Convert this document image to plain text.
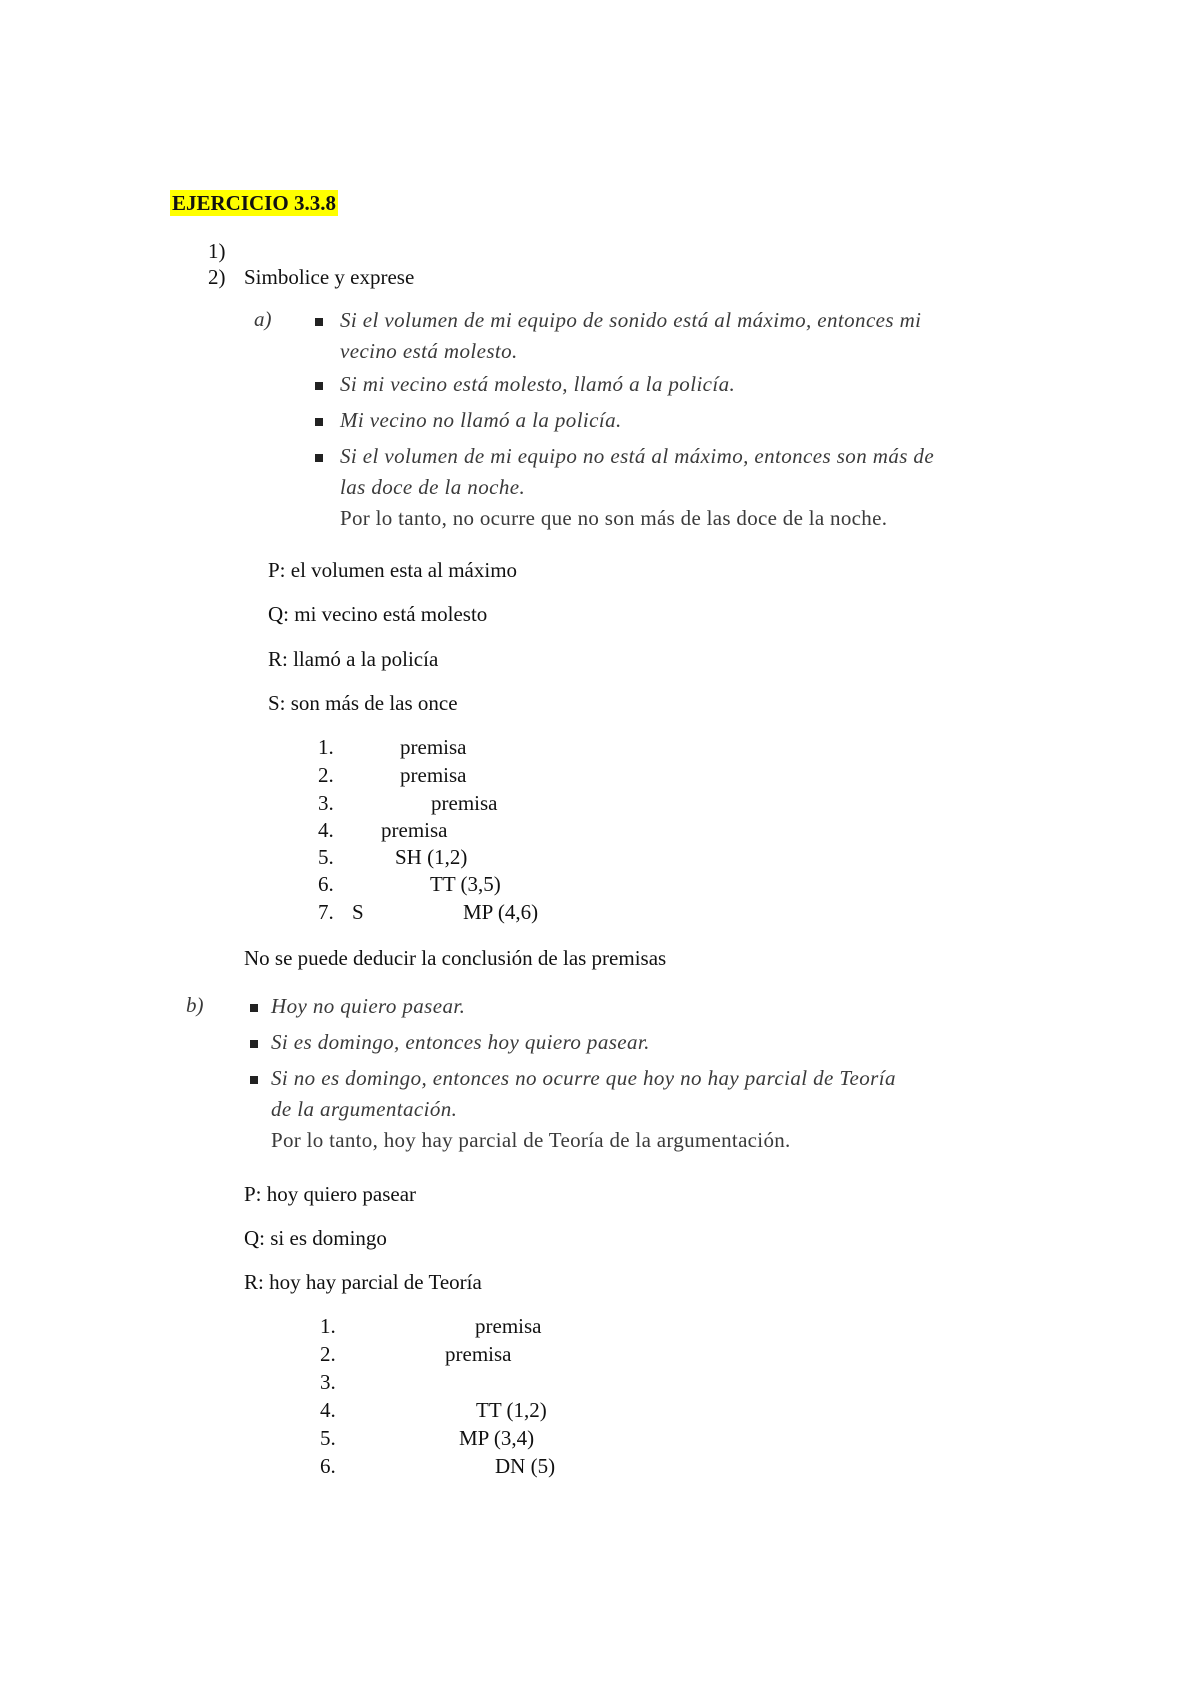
EJERCICIO 3.3.8
1)
2) Simbolice y exprese
a)	Si el volumen de mi equipo de sonido está al máximo, entonces mi
vecino está molesto.
Si mi vecino está molesto, llamó a la policía.
Mi vecino no llamó a la policía.
Si el volumen de mi equipo no está al máximo, entonces son más de
las doce de la noche.
Por lo tanto, no ocurre que no son más de las doce de la noche.
P: el volumen esta al máximo
Q: mi vecino está molesto
R: llamó a la policía
S: son más de las once
1.	premisa
2.	premisa
3.	premisa
4. premisa
5.	SH (1,2)
6.	TT (3,5)
7. S	MP (4,6)
No se puede deducir la conclusión de las premisas
b)	Hoy no quiero pasear.
Si es domingo, entonces hoy quiero pasear.
Si no es domingo, entonces no ocurre que hoy no hay parcial de Teoría
de la argumentación.
Por lo tanto, hoy hay parcial de Teoría de la argumentación.
P: hoy quiero pasear
Q: si es domingo
R: hoy hay parcial de Teoría
1.	premisa
2.	premisa
3.
4.	TT (1,2)
5.	MP (3,4)
6.	DN (5)
